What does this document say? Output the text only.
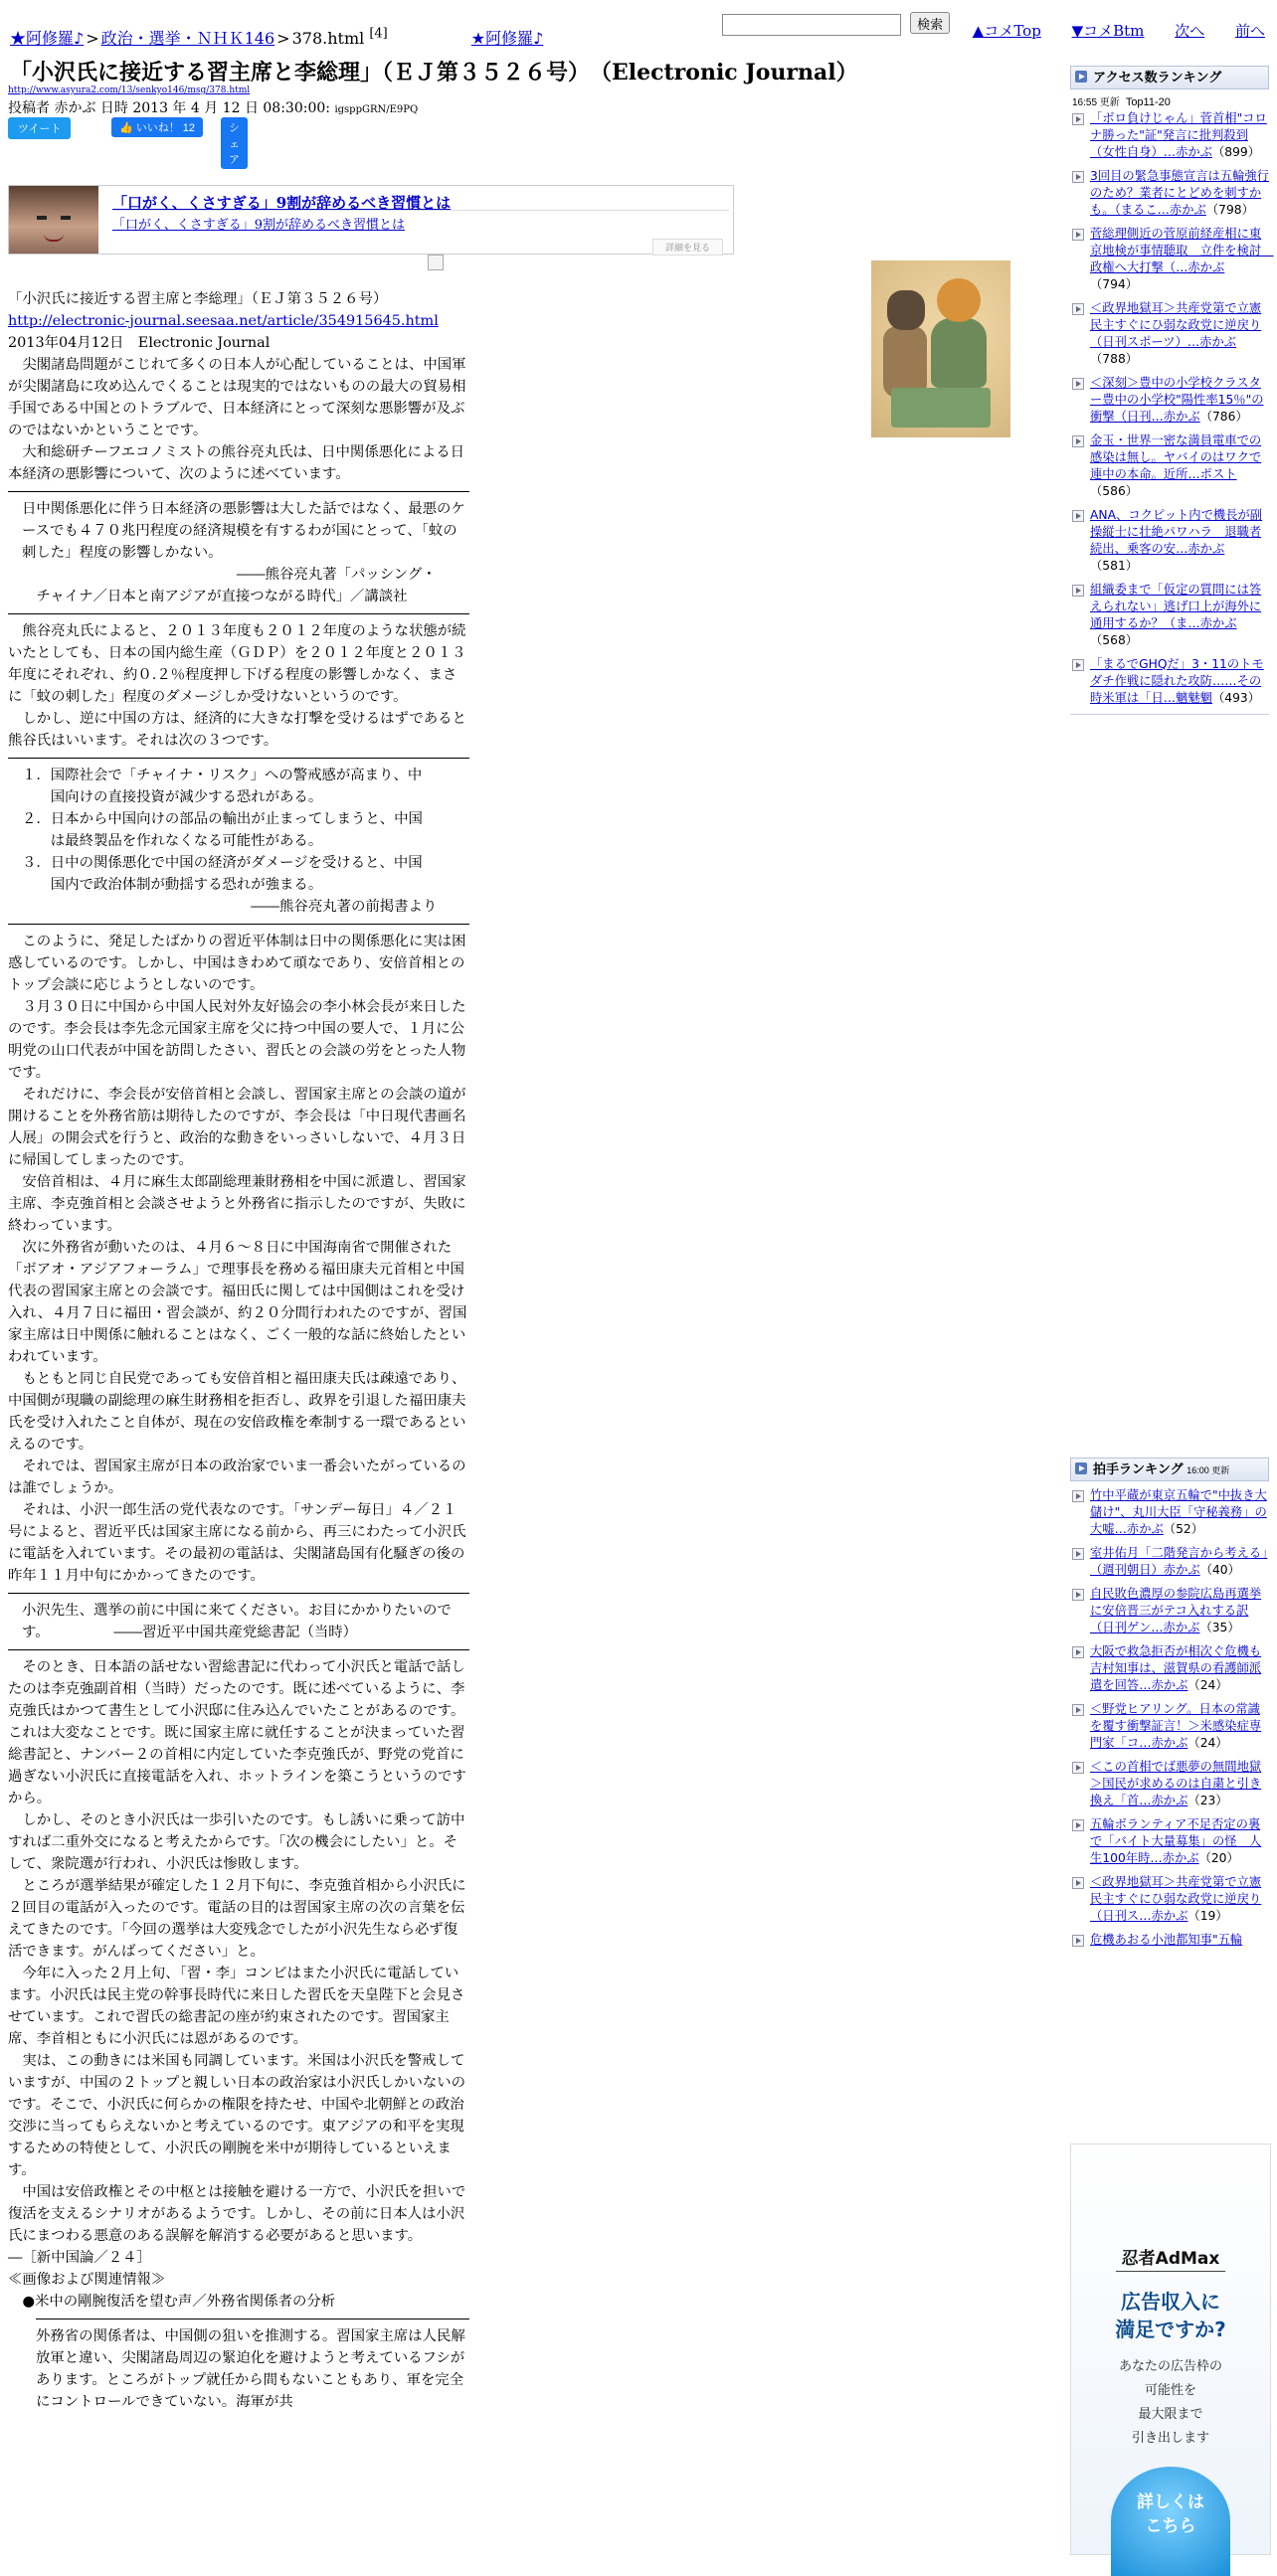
★阿修羅♪ > 政治・選挙・ＮＨＫ146 > 378.html [4]	★阿修羅♪
検索	▲コメTop ▼コメBtm 次へ 前へ
「小沢氏に接近する習主席と李総理」（ＥＪ第３５２６号）　（Electronic Journal）
http://www.asyura2.com/13/senkyo146/msg/378.html
投稿者 赤かぶ 日時 2013 年 4 月 12 日 08:30:00: igsppGRN/E9PQ
ツイート	👍 いいね！ 12	シェア
「口がく、くさすぎる」9割が辞めるべき習慣とは
「口がく、くさすぎる」9割が辞めるべき習慣とは
詳細を見る

「小沢氏に接近する習主席と李総理」（ＥＪ第３５２６号）

http://electronic-journal.seesaa.net/article/354915645.html

2013年04月12日　Electronic Journal

　尖閣諸島問題がこじれて多くの日本人が心配していることは、中国軍が尖閣諸島に攻め込んでくることは現実的ではないものの最大の貿易相手国である中国とのトラブルで、日本経済にとって深刻な悪影響が及ぶのではないかということです。

　大和総研チーフエコノミストの熊谷亮丸氏は、日中関係悪化による日本経済の悪影響について、次のように述べています。

日中関係悪化に伴う日本経済の悪影響は大した話ではなく、最悪のケースでも４７０兆円程度の経済規模を有するわが国にとって、「蚊の刺した」程度の影響しかない。
　　　　　　　　　　　　　　　――熊谷亮丸著「パッシング・
　チャイナ／日本と南アジアが直接つながる時代」／講談社

　熊谷亮丸氏によると、２０１３年度も２０１２年度のような状態が続いたとしても、日本の国内総生産（ＧＤＰ）を２０１２年度と２０１３年度にそれぞれ、約０.２％程度押し下げる程度の影響しかなく、まさに「蚊の刺した」程度のダメージしか受けないというのです。
　しかし、逆に中国の方は、経済的に大きな打撃を受けるはずであると熊谷氏はいいます。それは次の３つです。

１．国際社会で「チャイナ・リスク」への警戒感が高まり、中
　　国向けの直接投資が減少する恐れがある。
２．日本から中国向けの部品の輸出が止まってしまうと、中国
　　は最終製品を作れなくなる可能性がある。
３．日中の関係悪化で中国の経済がダメージを受けると、中国
　　国内で政治体制が動揺する恐れが強まる。
　　　　　　　　　　　　　　　　――熊谷亮丸著の前掲書より

　このように、発足したばかりの習近平体制は日中の関係悪化に実は困惑しているのです。しかし、中国はきわめて頑なであり、安倍首相とのトップ会談に応じようとしないのです。
　３月３０日に中国から中国人民対外友好協会の李小林会長が来日したのです。李会長は李先念元国家主席を父に持つ中国の要人で、１月に公明党の山口代表が中国を訪問したさい、習氏との会談の労をとった人物です。
　それだけに、李会長が安倍首相と会談し、習国家主席との会談の道が開けることを外務省筋は期待したのですが、李会長は「中日現代書画名人展」の開会式を行うと、政治的な動きをいっさいしないで、４月３日に帰国してしまったのです。
　安倍首相は、４月に麻生太郎副総理兼財務相を中国に派遣し、習国家主席、李克強首相と会談させようと外務省に指示したのですが、失敗に終わっています。
　次に外務省が動いたのは、４月６〜８日に中国海南省で開催された「ボアオ・アジアフォーラム」で理事長を務める福田康夫元首相と中国代表の習国家主席との会談です。福田氏に関しては中国側はこれを受け入れ、４月７日に福田・習会談が、約２０分間行われたのですが、習国家主席は日中関係に触れることはなく、ごく一般的な話に終始したといわれています。
　もともと同じ自民党であっても安倍首相と福田康夫氏は疎遠であり、中国側が現職の副総理の麻生財務相を拒否し、政界を引退した福田康夫氏を受け入れたこと自体が、現在の安倍政権を牽制する一環であるといえるのです。
　それでは、習国家主席が日本の政治家でいま一番会いたがっているのは誰でしょうか。
　それは、小沢一郎生活の党代表なのです。「サンデー毎日」４／２１号によると、習近平氏は国家主席になる前から、再三にわたって小沢氏に電話を入れています。その最初の電話は、尖閣諸島国有化騒ぎの後の昨年１１月中旬にかかってきたのです。

小沢先生、選挙の前に中国に来てください。お目にかかりたいのです。　　　　　――習近平中国共産党総書記（当時）

　そのとき、日本語の話せない習総書記に代わって小沢氏と電話で話したのは李克強副首相（当時）だったのです。既に述べているように、李克強氏はかつて書生として小沢邸に住み込んでいたことがあるのです。これは大変なことです。既に国家主席に就任することが決まっていた習総書記と、ナンバー２の首相に内定していた李克強氏が、野党の党首に過ぎない小沢氏に直接電話を入れ、ホットラインを築こうというのですから。
　しかし、そのとき小沢氏は一歩引いたのです。もし誘いに乗って訪中すれば二重外交になると考えたからです。「次の機会にしたい」と。そして、衆院選が行われ、小沢氏は惨敗します。
　ところが選挙結果が確定した１２月下旬に、李克強首相から小沢氏に２回目の電話が入ったのです。電話の目的は習国家主席の次の言葉を伝えてきたのです。「今回の選挙は大変残念でしたが小沢先生なら必ず復活できます。がんばってください」と。
　今年に入った２月上旬、「習・李」コンビはまた小沢氏に電話しています。小沢氏は民主党の幹事長時代に来日した習氏を天皇陛下と会見させています。これで習氏の総書記の座が約束されたのです。習国家主席、李首相ともに小沢氏には恩があるのです。
　実は、この動きには米国も同調しています。米国は小沢氏を警戒していますが、中国の２トップと親しい日本の政治家は小沢氏しかいないのです。そこで、小沢氏に何らかの権限を持たせ、中国や北朝鮮との政治交渉に当ってもらえないかと考えているのです。東アジアの和平を実現するための特使として、小沢氏の剛腕を米中が期待しているといえます。
　中国は安倍政権とその中枢とは接触を避ける一方で、小沢氏を担いで復活を支えるシナリオがあるようです。しかし、その前に日本人は小沢氏にまつわる悪意のある誤解を解消する必要があると思います。　　　　　　　　　―［新中国論／２４］

≪画像および関連情報≫

　●米中の剛腕復活を望む声／外務省関係者の分析

外務省の関係者は、中国側の狙いを推測する。習国家主席は人民解放軍と違い、尖閣諸島周辺の緊迫化を避けようと考えているフシがあります。ところがトップ就任から間もないこともあり、軍を完全にコントロールできていない。海軍が共
アクセス数ランキング
16:55 更新 Top11-20
「ボロ負けじゃん」菅首相"コロナ勝った"証"発言に批判殺到（女性自身）…赤かぶ（899）
3回目の緊急事態宣言は五輪強行のため？業者にとどめを刺すかも。（まるこ…赤かぶ（798）
菅総理側近の菅原前経産相に東京地検が事情聴取　立件を検討　政権へ大打撃（…赤かぶ（794）
＜政界地獄耳＞共産党第で立憲民主すぐにひ弱な政党に逆戻り（日刊スポーツ）…赤かぶ（788）
＜深刻＞豊中の小学校クラスター豊中の小学校"陽性率15％"の衝撃（日刊…赤かぶ（786）
金玉・世界一密な満員電車での感染は無し。ヤバイのはワクで連中の本命。近所…ポスト（586）
ANA、コクピット内で機長が副操縦士に壮絶パワハラ　退職者続出、乗客の安…赤かぶ（581）
組織委まで「仮定の質問には答えられない」逃げ口上が海外に通用するか？（ま…赤かぶ（568）
「まるでGHQだ」3・11のトモダチ作戦に隠れた攻防……その時米軍は「日…魑魅魍（493）
拍手ランキング 16:00 更新
竹中平蔵が東京五輪で"中抜き大儲け"、丸川大臣「守秘義務」の大嘘…赤かぶ（52）
室井佑月「二階発言から考える」（週刊朝日）赤かぶ（40）
自民敗色濃厚の参院広島再選挙に安倍晋三がテコ入れする訳（日刊ゲン…赤かぶ（35）
大阪で救急拒否が相次ぐ危機も吉村知事は、滋賀県の看護師派遣を回答…赤かぶ（24）
＜野党ヒアリング。日本の常識を覆す衝撃証言！＞米感染症専門家「コ…赤かぶ（24）
＜この首相でば悪夢の無間地獄＞国民が求めるのは自粛と引き換え「首…赤かぶ（23）
五輪ボランティア不足否定の裏で「バイト大量募集」の怪　人生100年時…赤かぶ（20）
＜政界地獄耳＞共産党第で立憲民主すぐにひ弱な政党に逆戻り（日刊ス…赤かぶ（19）
危機あおる小池都知事"五輪
忍者AdMax
広告収入に
満足ですか?
あなたの広告枠の
可能性を
最大限まで
引き出します
詳しくは
こちら
